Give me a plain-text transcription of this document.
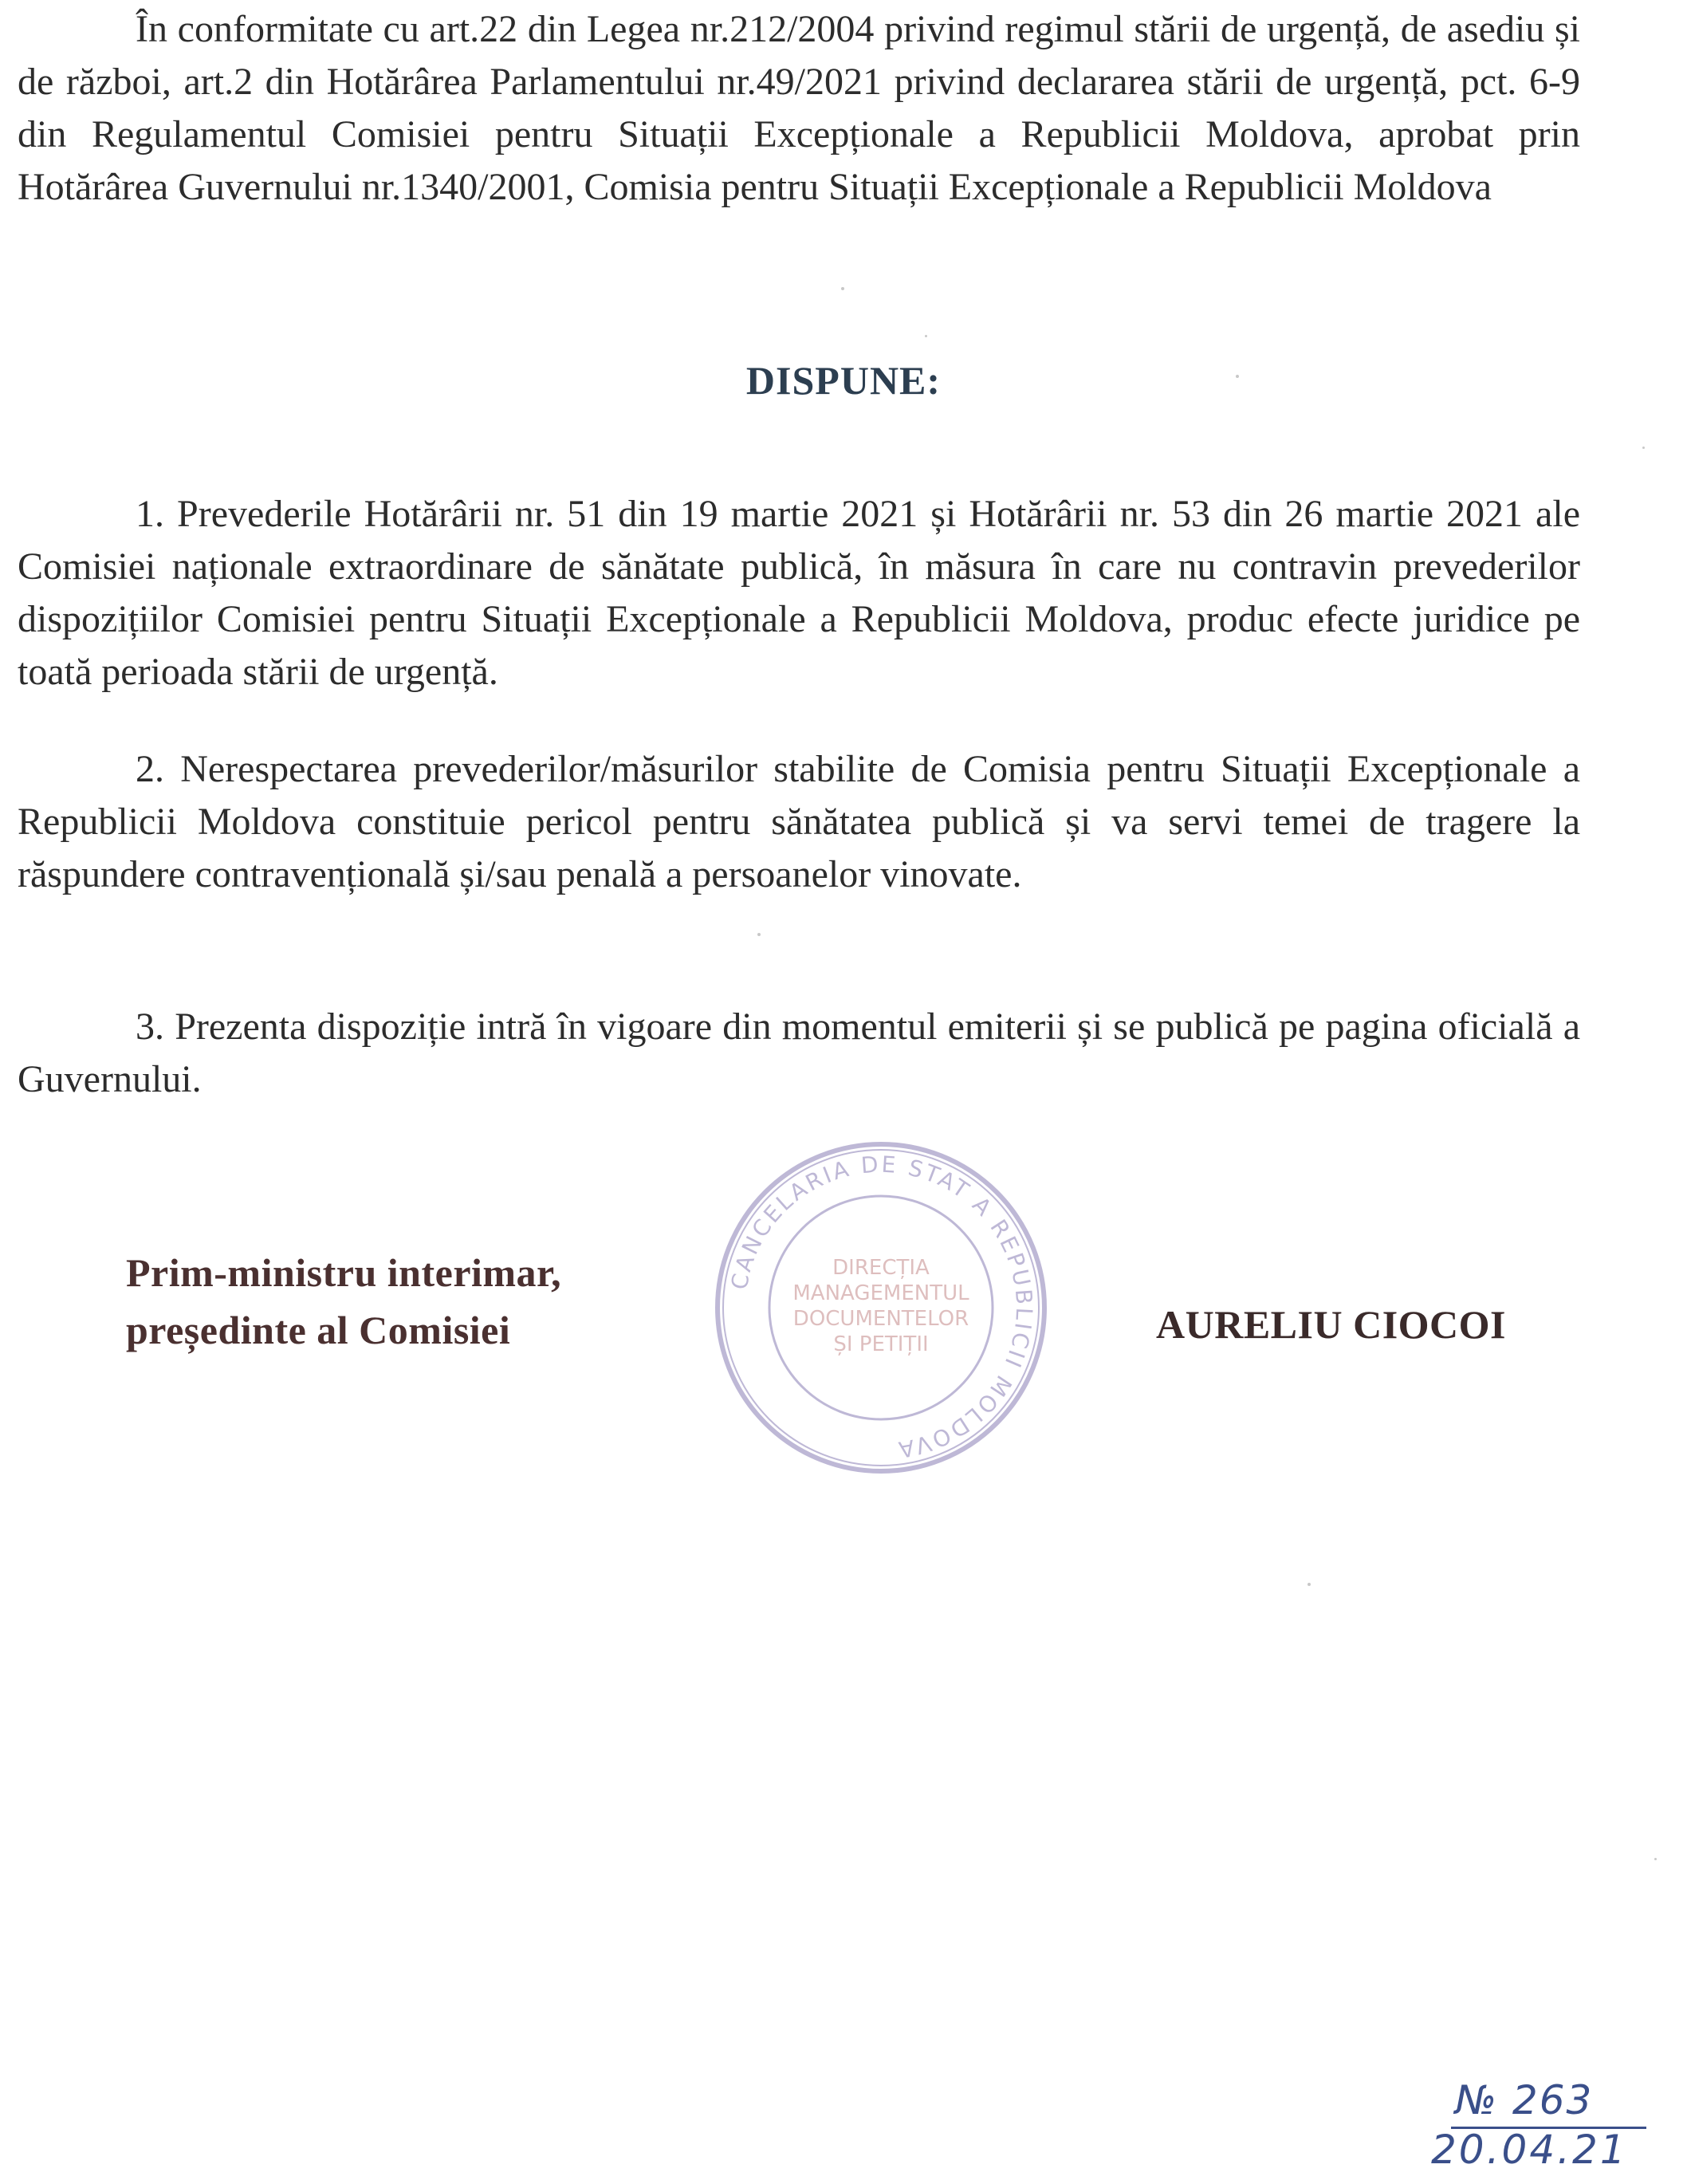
În conformitate cu art.22 din Legea nr.212/2004 privind regimul stării de urgență, de asediu și de război, art.2 din Hotărârea Parlamentului nr.49/2021 privind declararea stării de urgență, pct. 6-9 din Regulamentul Comisiei pentru Situații Excepționale a Republicii Moldova, aprobat prin Hotărârea Guvernului nr.1340/2001, Comisia pentru Situații Excepționale a Republicii Moldova

DISPUNE:

1. Prevederile Hotărârii nr. 51 din 19 martie 2021 și Hotărârii nr. 53 din 26 martie 2021 ale Comisiei naționale extraordinare de sănătate publică, în măsura în care nu contravin prevederilor dispozițiilor Comisiei pentru Situații Excepționale a Republicii Moldova, produc efecte juridice pe toată perioada stării de urgență.

2. Nerespectarea prevederilor/măsurilor stabilite de Comisia pentru Situații Excepționale a Republicii Moldova constituie pericol pentru sănătatea publică și va servi temei de tragere la răspundere contravențională și/sau penală a persoanelor vinovate.

3. Prezenta dispoziție intră în vigoare din momentul emiterii și se publică pe pagina oficială a Guvernului.

Prim-ministru interimar,
președinte al Comisiei	AURELIU CIOCOI
CANCELARIA DE STAT A REPUBLICII MOLDOVA
DIRECȚIA
MANAGEMENTUL
DOCUMENTELOR
ȘI PETIȚII
№ 263
20.04.21
